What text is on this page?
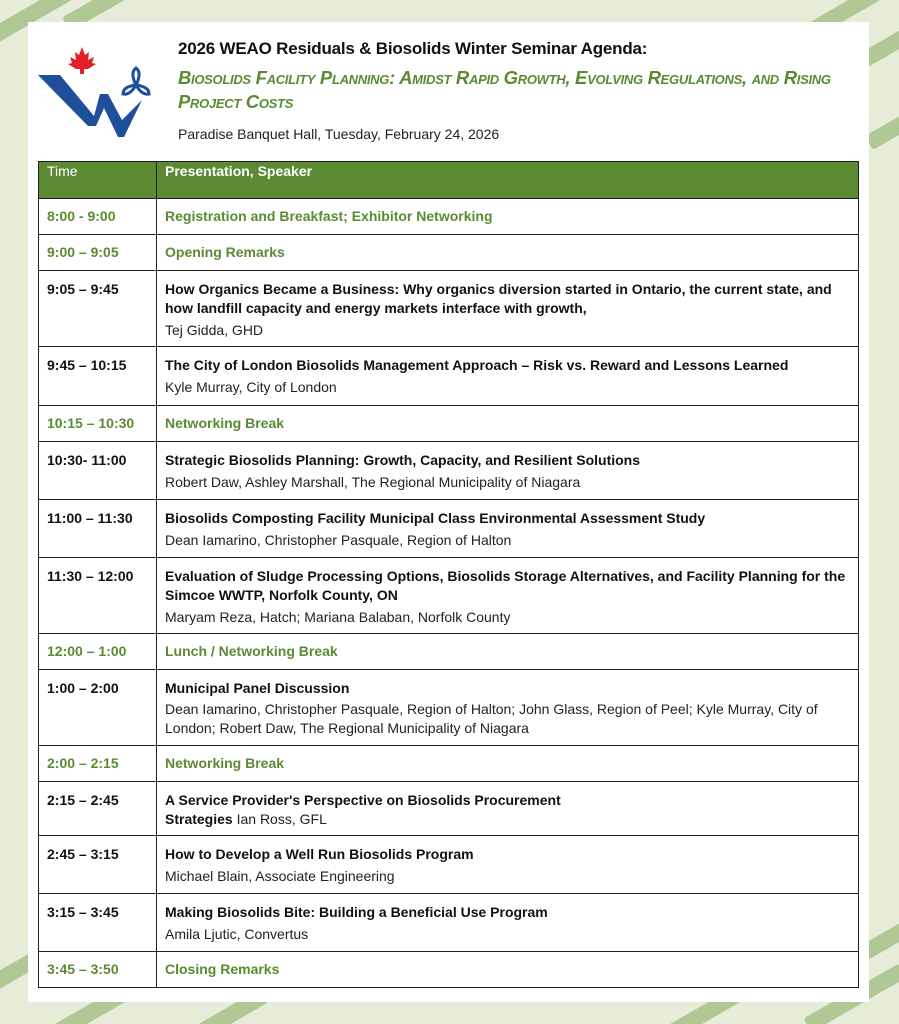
2026 WEAO Residuals & Biosolids Winter Seminar Agenda:
Biosolids Facility Planning: Amidst Rapid Growth, Evolving Regulations, and Rising Project Costs
Paradise Banquet Hall, Tuesday, February 24, 2026
Time	Presentation, Speaker
8:00 - 9:00	Registration and Breakfast; Exhibitor Networking

9:00 – 9:05	Opening Remarks

9:05 – 9:45	How Organics Became a Business: Why organics diversion started in Ontario, the current state, and how landfill capacity and energy markets interface with growth,
Tej Gidda, GHD

9:45 – 10:15	The City of London Biosolids Management Approach – Risk vs. Reward and Lessons Learned
Kyle Murray, City of London

10:15 – 10:30	Networking Break

10:30- 11:00	Strategic Biosolids Planning: Growth, Capacity, and Resilient Solutions
Robert Daw, Ashley Marshall, The Regional Municipality of Niagara

11:00 – 11:30	Biosolids Composting Facility Municipal Class Environmental Assessment Study
Dean Iamarino, Christopher Pasquale, Region of Halton

11:30 – 12:00	Evaluation of Sludge Processing Options, Biosolids Storage Alternatives, and Facility Planning for the Simcoe WWTP, Norfolk County, ON
Maryam Reza, Hatch; Mariana Balaban, Norfolk County

12:00 – 1:00	Lunch / Networking Break

1:00 – 2:00	Municipal Panel Discussion
Dean Iamarino, Christopher Pasquale, Region of Halton; John Glass, Region of Peel; Kyle Murray, City of London; Robert Daw, The Regional Municipality of Niagara

2:00 – 2:15	Networking Break

2:15 – 2:45	A Service Provider's Perspective on Biosolids Procurement Strategies Ian Ross, GFL

2:45 – 3:15	How to Develop a Well Run Biosolids Program
Michael Blain, Associate Engineering

3:15 – 3:45	Making Biosolids Bite: Building a Beneficial Use Program
Amila Ljutic, Convertus

3:45 – 3:50	Closing Remarks
